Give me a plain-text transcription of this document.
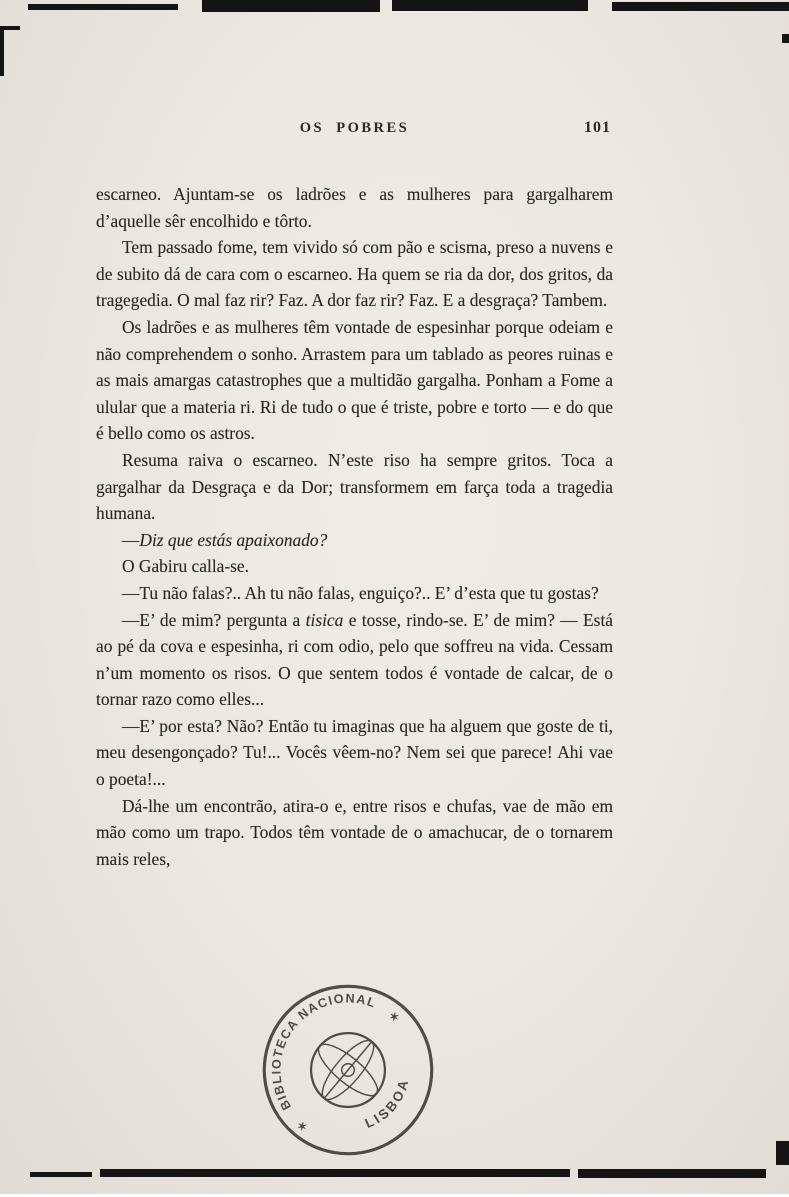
OS POBRES	101

escarneo. Ajuntam-se os ladrões e as mulheres para gargalharem d’aquelle sêr encolhido e tôrto.

Tem passado fome, tem vivido só com pão e scisma, preso a nuvens e de subito dá de cara com o escarneo. Ha quem se ria da dor, dos gritos, da tragegedia. O mal faz rir? Faz. A dor faz rir? Faz. E a desgraça? Tambem.

Os ladrões e as mulheres têm vontade de espesinhar porque odeiam e não comprehendem o sonho. Arrastem para um tablado as peores ruinas e as mais amargas catastrophes que a multidão gargalha. Ponham a Fome a ulular que a materia ri. Ri de tudo o que é triste, pobre e torto — e do que é bello como os astros.

Resuma raiva o escarneo. N’este riso ha sempre gritos. Toca a gargalhar da Desgraça e da Dor; transformem em farça toda a tragedia humana.

—Diz que estás apaixonado?

O Gabiru calla-se.

—Tu não falas?.. Ah tu não falas, enguiço?.. E’ d’esta que tu gostas?

—E’ de mim? pergunta a tisica e tosse, rindo-se. E’ de mim? — Está ao pé da cova e espesinha, ri com odio, pelo que soffreu na vida. Cessam n’um momento os risos. O que sentem todos é vontade de calcar, de o tornar razo como elles...

—E’ por esta? Não? Então tu imaginas que ha alguem que goste de ti, meu desengonçado? Tu!... Vocês vêem-no? Nem sei que parece! Ahi vae o poeta!...

Dá-lhe um encontrão, atira-o e, entre risos e chufas, vae de mão em mão como um trapo. Todos têm vontade de o amachucar, de o tornarem mais reles,

BIBLIOTECA NACIONAL
LISBOA
✶
✶
